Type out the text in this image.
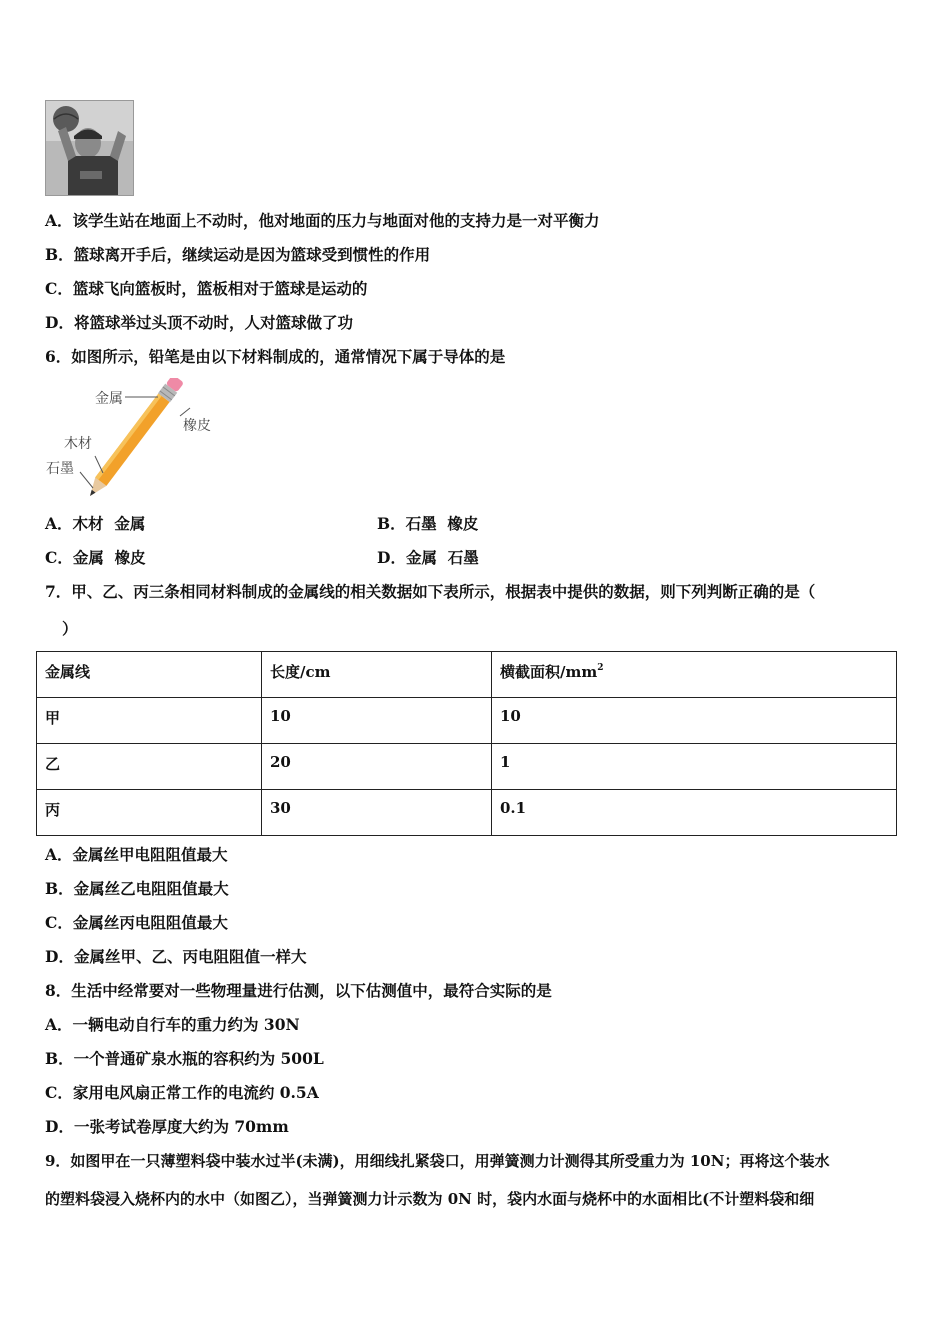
A．该学生站在地面上不动时，他对地面的压力与地面对他的支持力是一对平衡力
B．篮球离开手后，继续运动是因为篮球受到惯性的作用
C．篮球飞向篮板时，篮板相对于篮球是运动的
D．将篮球举过头顶不动时，人对篮球做了功
6．如图所示，铅笔是由以下材料制成的，通常情况下属于导体的是
金属
橡皮
木材
石墨
A．木材  金属	B．石墨  橡皮
C．金属  橡皮	D．金属  石墨
7．甲、乙、丙三条相同材料制成的金属线的相关数据如下表所示，根据表中提供的数据，则下列判断正确的是（
）
金属线	长度/cm	横截面积$/mm^2$
甲	10	10
乙	20	1
丙	30	0.1
A．金属丝甲电阻阻值最大
B．金属丝乙电阻阻值最大
C．金属丝丙电阻阻值最大
D．金属丝甲、乙、丙电阻阻值一样大
8．生活中经常要对一些物理量进行估测，以下估测值中，最符合实际的是
A．一辆电动自行车的重力约为 30N
B．一个普通矿泉水瓶的容积约为 500L
C．家用电风扇正常工作的电流约 0.5A
D．一张考试卷厚度大约为 70mm
9．如图甲在一只薄塑料袋中装水过半(未满)，用细线扎紧袋口，用弹簧测力计测得其所受重力为 10N；再将这个装水
的塑料袋浸入烧杯内的水中（如图乙），当弹簧测力计示数为 0N 时，袋内水面与烧杯中的水面相比(不计塑料袋和细
